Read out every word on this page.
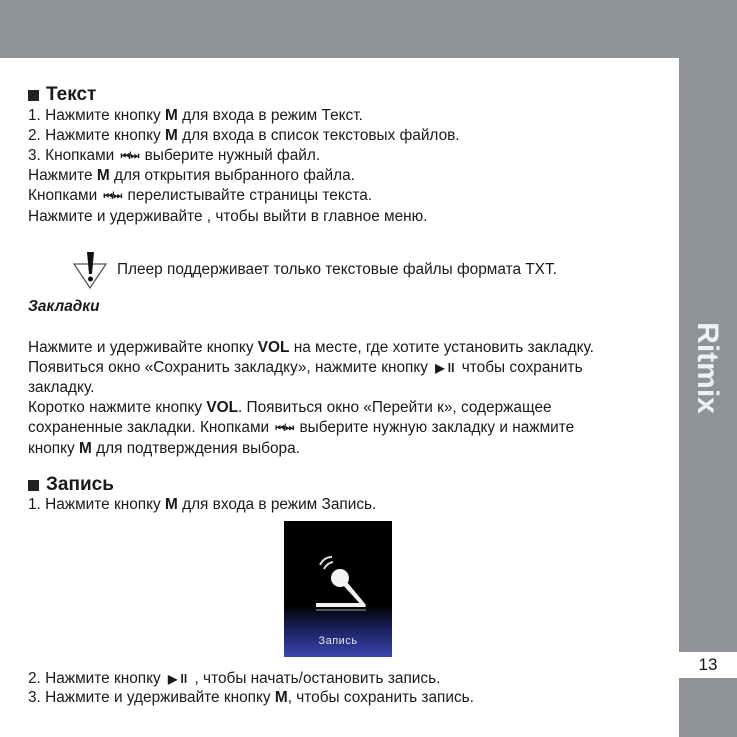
Ritmix
13
Текст
1. Нажмите кнопку M для входа в режим Текст.
2. Нажмите кнопку M для входа в список текстовых файлов.
3. Кнопками ⏮/⏭ выберите нужный файл.
Нажмите M для открытия выбранного файла.
Кнопками ⏮/⏭ перелистывайте страницы текста.
Нажмите и удерживайте , чтобы выйти в главное меню.
Плеер поддерживает только текстовые файлы формата TXT.
Закладки
Нажмите и удерживайте кнопку VOL на месте, где хотите установить закладку.
Появиться окно «Сохранить закладку», нажмите кнопку ▶ ll чтобы сохранить
закладку.
Коротко нажмите кнопку VOL. Появиться окно «Перейти к», содержащее
сохраненные закладки. Кнопками ⏮/⏭ выберите нужную закладку и нажмите
кнопку M для подтверждения выбора.
Запись
1. Нажмите кнопку M для входа в режим Запись.
Запись
2. Нажмите кнопку ▶ ll , чтобы начать/остановить запись.
3. Нажмите и удерживайте кнопку M, чтобы сохранить запись.
